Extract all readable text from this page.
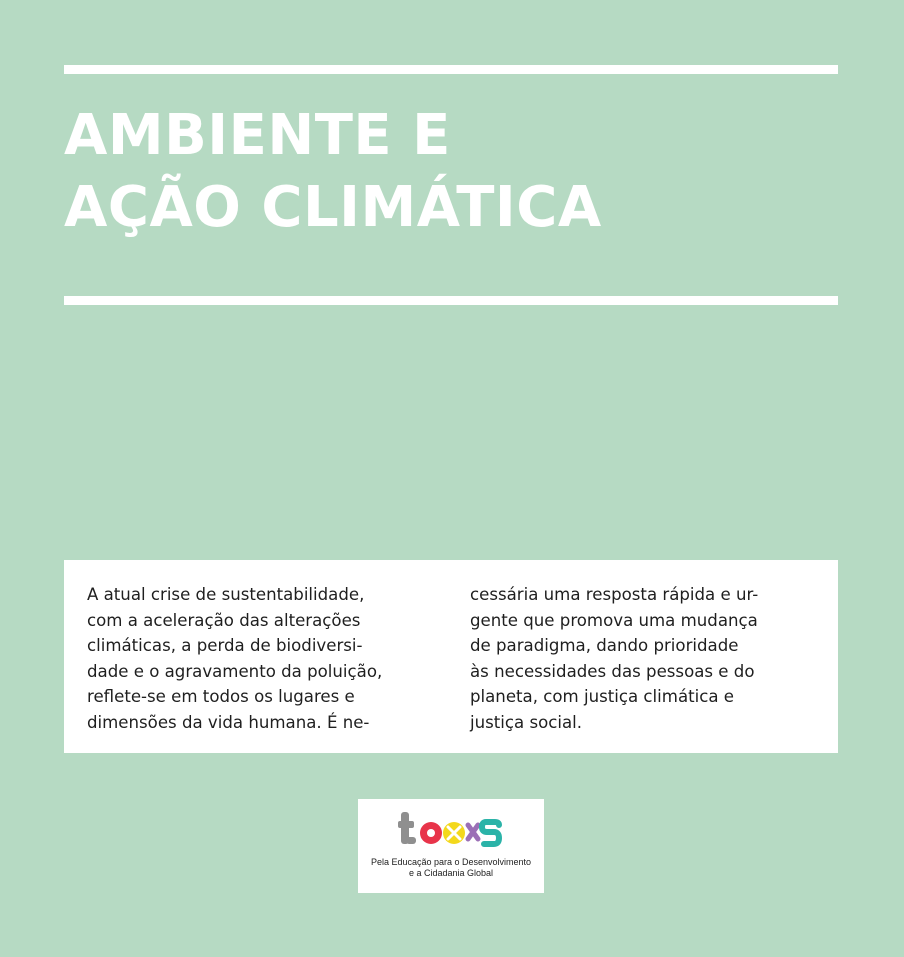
AMBIENTE E
AÇÃO CLIMÁTICA
A atual crise de sustentabilidade,
com a aceleração das alterações
climáticas, a perda de biodiversi-
dade e o agravamento da poluição,
reflete-se em todos os lugares e
dimensões da vida humana. É ne-
cessária uma resposta rápida e ur-
gente que promova uma mudança
de paradigma, dando prioridade
às necessidades das pessoas e do
planeta, com justiça climática e
justiça social.
Pela Educação para o Desenvolvimento
e a Cidadania Global
